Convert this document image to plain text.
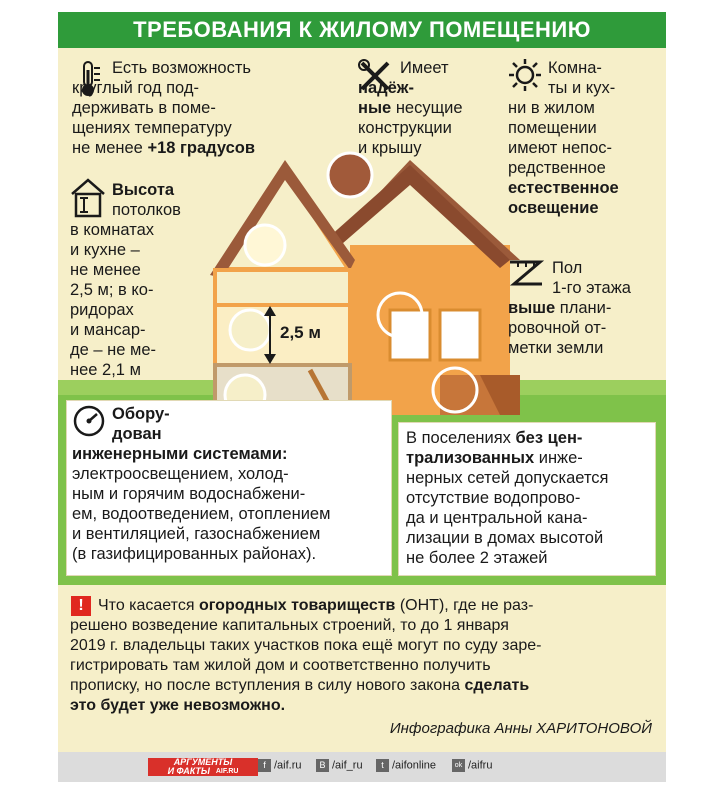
ТРЕБОВАНИЯ К ЖИЛОМУ ПОМЕЩЕНИЮ
2,5 м
Есть возможность
круглый год под-
держивать в поме-
щениях температуру
не менее +18 градусов
Имеет
надёж-
ные несущие
конструкции
и крышу
Комна-
ты и кух-
ни в жилом
помещении
имеют непос-
редственное
естественное
освещение
Высота
потолков
в комнатах
и кухне –
не менее
2,5 м; в ко-
ридорах
и мансар-
де – не ме-
нее 2,1 м
Пол
1-го этажа
выше плани-
ровочной от-
метки земли
Обору-
дован
инженерными системами:
электроосвещением, холод-
ным и горячим водоснабжени-
ем, водоотведением, отоплением
и вентиляцией, газоснабжением
(в газифицированных районах).
В поселениях без цен-
трализованных инже-
нерных сетей допускается
отсутствие водопрово-
да и центральной кана-
лизации в домах высотой
не более 2 этажей
Инфографика Анны ХАРИТОНОВОЙ
! Что касается огородных товариществ (ОНТ), где не раз-
решено возведение капитальных строений, то до 1 января
2019 г. владельцы таких участков пока ещё могут по суду заре-
гистрировать там жилой дом и соответственно получить
прописку, но после вступления в силу нового закона сделать
это будет уже невозможно.
АРГУМЕНТЫ
И ФАКТЫ AIF.RU
f /aif.ru	B /aif_ru	t /aifonline	ok /aifru
